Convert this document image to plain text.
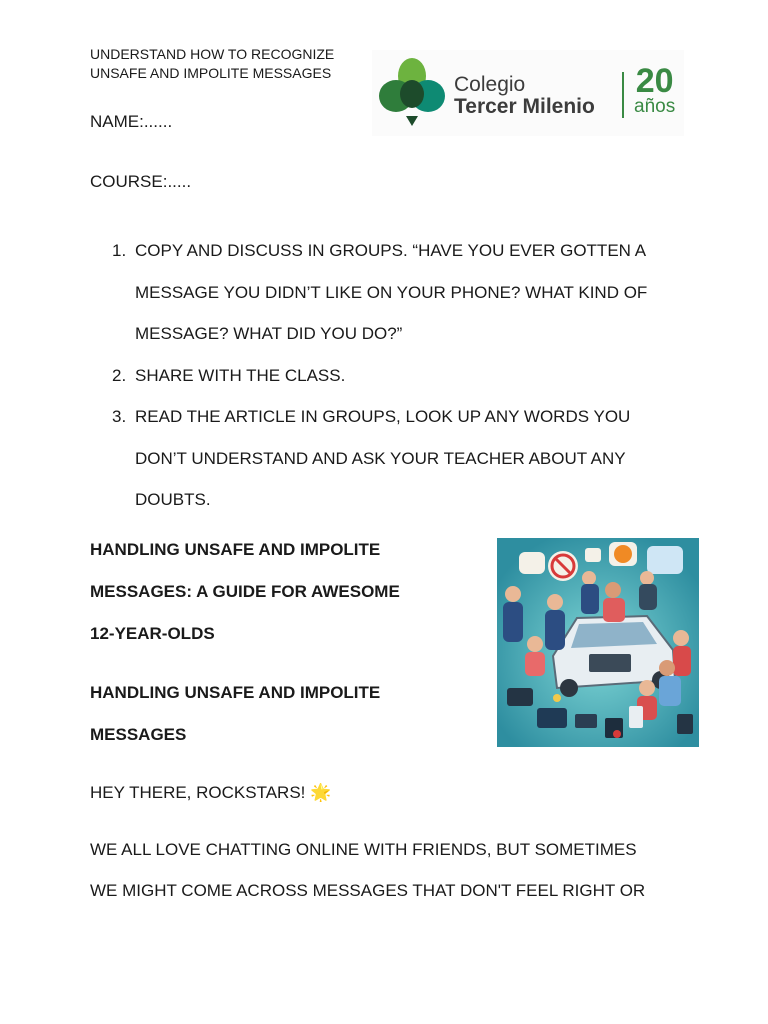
UNDERSTAND HOW TO RECOGNIZE
UNSAFE AND IMPOLITE MESSAGES	Colegio
Tercer Milenio
20
años
NAME:......
COURSE:.....
1. COPY AND DISCUSS IN GROUPS. “HAVE YOU EVER GOTTEN A
MESSAGE YOU DIDN’T LIKE ON YOUR PHONE? WHAT KIND OF
MESSAGE? WHAT DID YOU DO?”
2. SHARE WITH THE CLASS.
3. READ THE ARTICLE IN GROUPS, LOOK UP ANY WORDS YOU
DON’T UNDERSTAND AND ASK YOUR TEACHER ABOUT ANY
DOUBTS.
HANDLING UNSAFE AND IMPOLITE
MESSAGES: A GUIDE FOR AWESOME
12-YEAR-OLDS
HANDLING UNSAFE AND IMPOLITE
MESSAGES
HEY THERE, ROCKSTARS! 🌟
WE ALL LOVE CHATTING ONLINE WITH FRIENDS, BUT SOMETIMES
WE MIGHT COME ACROSS MESSAGES THAT DON'T FEEL RIGHT OR
